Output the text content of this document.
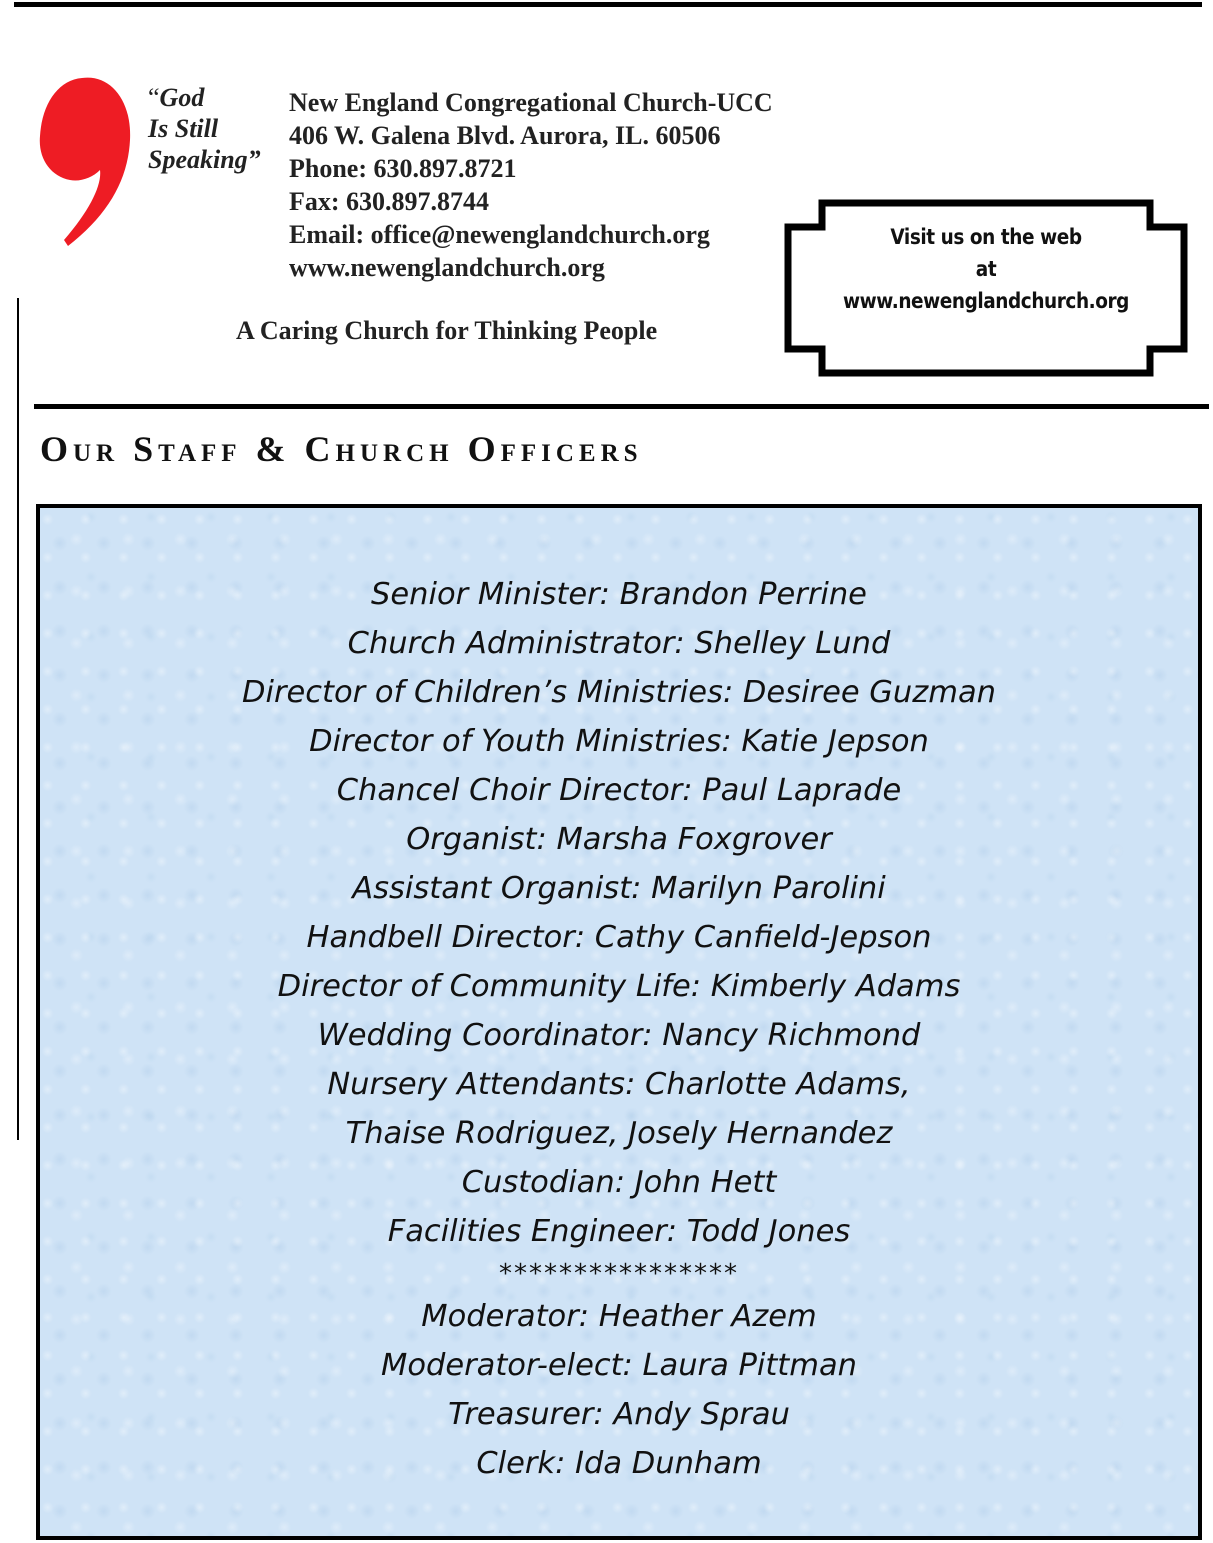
“God
Is Still
Speaking”
New England Congregational Church-UCC
406 W. Galena Blvd. Aurora, IL. 60506
Phone: 630.897.8721
Fax: 630.897.8744
Email: office@newenglandchurch.org
www.newenglandchurch.org
A Caring Church for Thinking People
Visit us on the web
at
www.newenglandchurch.org
Our Staff & Church Officers
Senior Minister: Brandon Perrine
Church Administrator: Shelley Lund
Director of Children’s Ministries: Desiree Guzman
Director of Youth Ministries: Katie Jepson
Chancel Choir Director: Paul Laprade
Organist: Marsha Foxgrover
Assistant Organist: Marilyn Parolini
Handbell Director: Cathy Canfield-Jepson
Director of Community Life: Kimberly Adams
Wedding Coordinator: Nancy Richmond
Nursery Attendants: Charlotte Adams,
Thaise Rodriguez, Josely Hernandez
Custodian: John Hett
Facilities Engineer: Todd Jones
****************
Moderator: Heather Azem
Moderator-elect: Laura Pittman
Treasurer: Andy Sprau
Clerk: Ida Dunham
